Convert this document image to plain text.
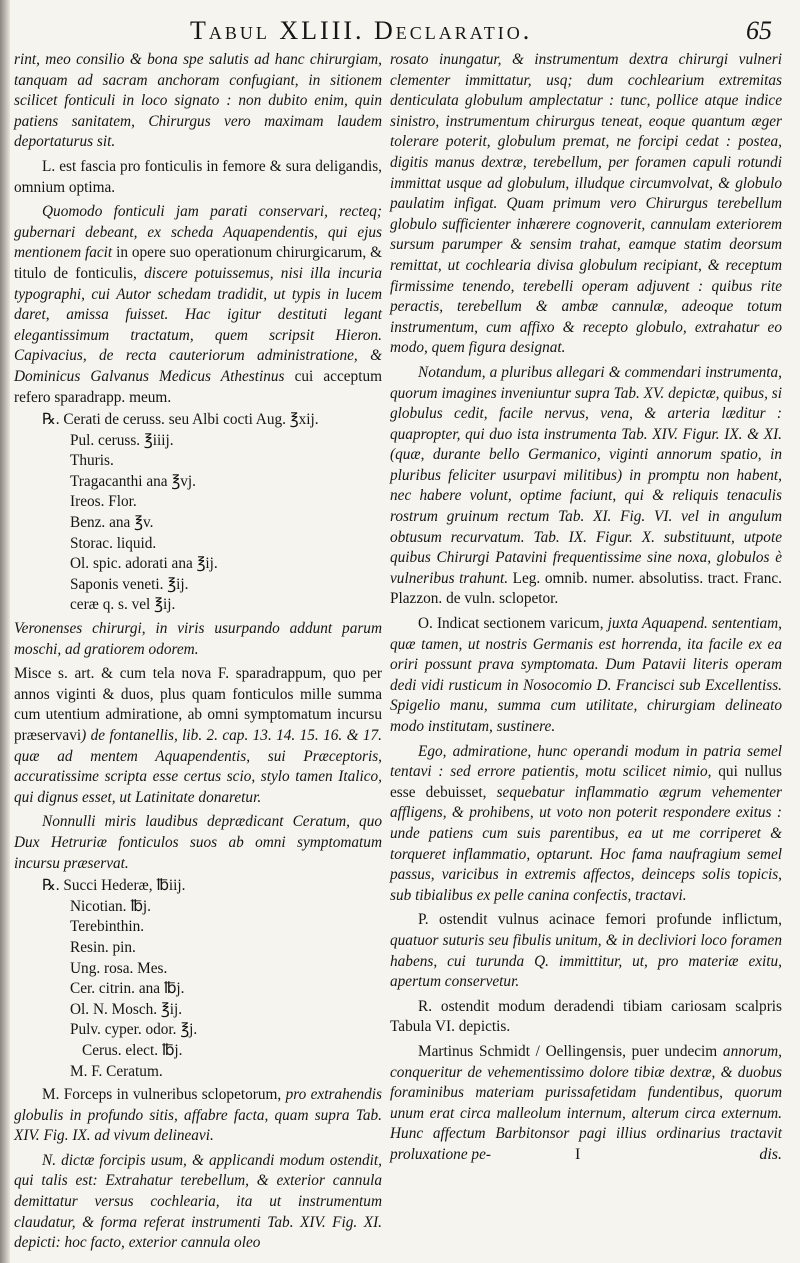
Tabul XLIII. Declaratio.	65

rint, meo consilio & bona spe salutis ad hanc chirurgiam, tanquam ad sacram anchoram confugiant, in sitionem scilicet fonticuli in loco signato : non dubito enim, quin patiens sanitatem, Chirurgus vero maximam laudem deportaturus sit.

L. est fascia pro fonticulis in femore & sura deligandis, omnium optima.

Quomodo fonticuli jam parati conservari, recteq; gubernari debeant, ex scheda Aquapendentis, qui ejus mentionem facit in opere suo operationum chirurgicarum, & titulo de fonticulis, discere potuissemus, nisi illa incuria typographi, cui Autor schedam tradidit, ut typis in lucem daret, amissa fuisset. Hac igitur destituti legant elegantissimum tractatum, quem scripsit Hieron. Capivacius, de recta cauteriorum administratione, & Dominicus Galvanus Medicus Athestinus cui acceptum refero sparadrapp. meum.

℞. Cerati de ceruss. seu Albi cocti Aug. ℥xij.
Pul. ceruss. ℥iiij.
Thuris.
Tragacanthi ana ℥vj.
Ireos. Flor.
Benz. ana ℥v.
Storac. liquid.
Ol. spic. adorati ana ℥ij.
Saponis veneti. ℥ij.
ceræ q. s. vel ℥ij.

Veronenses chirurgi, in viris usurpando addunt parum moschi, ad gratiorem odorem.

Misce s. art. & cum tela nova F. sparadrappum, quo per annos viginti & duos, plus quam fonticulos mille summa cum utentium admiratione, ab omni symptomatum incursu præservavi) de fontanellis, lib. 2. cap. 13. 14. 15. 16. & 17. quæ ad mentem Aquapendentis, sui Præceptoris, accuratissime scripta esse certus scio, stylo tamen Italico, qui dignus esset, ut Latinitate donaretur.

Nonnulli miris laudibus deprædicant Ceratum, quo Dux Hetruriæ fonticulos suos ab omni symptomatum incursu præservat.

℞. Succi Hederæ, ℔iij.
Nicotian. ℔j.
Terebinthin.
Resin. pin.
Ung. rosa. Mes.
Cer. citrin. ana ℔j.
Ol. N. Mosch. ℥ij.
Pulv. cyper. odor. ℥j.
Cerus. elect. ℔j.
M. F. Ceratum.

M. Forceps in vulneribus sclopetorum, pro extrahendis globulis in profundo sitis, affabre facta, quam supra Tab. XIV. Fig. IX. ad vivum delineavi.

N. dictæ forcipis usum, & applicandi modum ostendit, qui talis est: Extrahatur terebellum, & exterior cannula demittatur versus cochleariа, ita ut instrumentum claudatur, & forma referat instrumenti Tab. XIV. Fig. XI. depicti: hoc facto, exterior cannula oleo

rosato inungatur, & instrumentum dextra chirurgi vulneri clementer immittatur, usq; dum cochlearium extremitas denticulata globulum amplectatur : tunc, pollice atque indice sinistro, instrumentum chirurgus teneat, eoque quantum æger tolerare poterit, globulum premat, ne forcipi cedat : postea, digitis manus dextræ, terebellum, per foramen capuli rotundi immittat usque ad globulum, illudque circumvolvat, & globulo paulatim infigat. Quam primum vero Chirurgus terebellum globulo sufficienter inhærere cognoverit, cannulam exteriorem sursum parumper & sensim trahat, eamque statim deorsum remittat, ut cochlearia divisa globulum recipiant, & receptum firmissime tenendo, terebelli operam adjuvent : quibus rite peractis, terebellum & ambæ cannulæ, adeoque totum instrumentum, cum affixo & recepto globulo, extrahatur eo modo, quem figura designat.

Notandum, a pluribus allegari & commendari instrumenta, quorum imagines inveniuntur supra Tab. XV. depictæ, quibus, si globulus cedit, facile nervus, vena, & arteria læditur : quapropter, qui duo ista instrumenta Tab. XIV. Figur. IX. & XI. (quæ, durante bello Germanico, viginti annorum spatio, in pluribus feliciter usurpavi militibus) in promptu non habent, nec habere volunt, optime faciunt, qui & reliquis tenaculis rostrum gruinum rectum Tab. XI. Fig. VI. vel in angulum obtusum recurvatum. Tab. IX. Figur. X. substituunt, utpote quibus Chirurgi Patavini frequentissime sine noxa, globulos è vulneribus trahunt. Leg. omnib. numer. absolutiss. tract. Franc. Plazzon. de vuln. sclopetor.

O. Indicat sectionem varicum, juxta Aquapend. sententiam, quæ tamen, ut nostris Germanis est horrenda, ita facile ex ea oriri possunt prava symptomata. Dum Patavii literis operam dedi vidi rusticum in Nosocomio D. Francisci sub Excellentiss. Spigelio manu, summa cum utilitate, chirurgiam delineato modo institutam, sustinere.

Ego, admiratione, hunc operandi modum in patria semel tentavi : sed errore patientis, motu scilicet nimio, qui nullus esse debuisset, sequebatur inflammatio ægrum vehementer affligens, & prohibens, ut voto non poterit respondere exitus : unde patiens cum suis parentibus, ea ut me corriperet & torqueret inflammatio, optarunt. Hoc fama naufragium semel passus, varicibus in extremis affectos, deinceps solis topicis, sub tibialibus ex pelle canina confectis, tractavi.

P. ostendit vulnus acinace femori profunde inflictum, quatuor suturis seu fibulis unitum, & in decliviori loco foramen habens, cui turunda Q. immittitur, ut, pro materiæ exitu, apertum conservetur.

R. ostendit modum deradendi tibiam cariosam scalpris Tabula VI. depictis.

Martinus Schmidt / Oellingensis, puer undecim annorum, conqueritur de vehementissimo dolore tibiæ dextræ, & duobus foraminibus materiam purissafetidam fundentibus, quorum unum erat circa malleolum internum, alterum circa externum. Hunc affectum Barbitonsor pagi illius ordinarius tractavit proluxatione pe-	I	dis.
